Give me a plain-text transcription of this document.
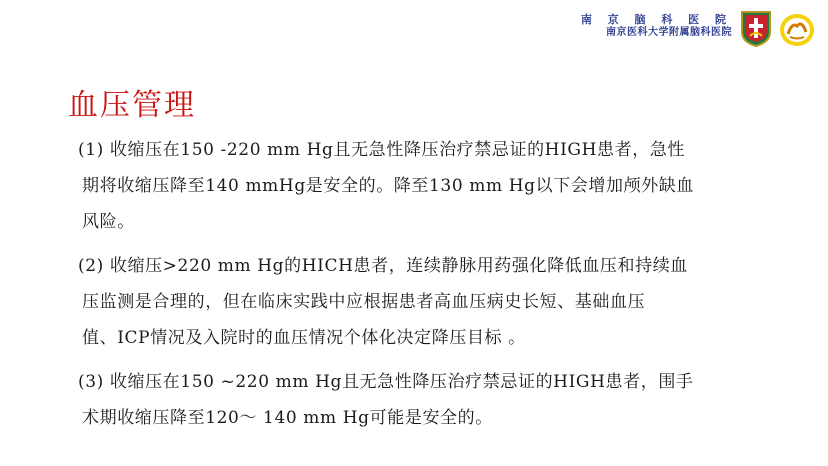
南 京 脑 科 医 院
南京医科大学附属脑科医院
血压管理
(1) 收缩压在150 -220 mm Hg且无急性降压治疗禁忌证的HIGH患者，急性
期将收缩压降至140 mmHg是安全的。降至130 mm Hg以下会增加颅外缺血
风险。
(2) 收缩压>220 mm Hg的HICH患者，连续静脉用药强化降低血压和持续血
压监测是合理的，但在临床实践中应根据患者高血压病史长短、基础血压
值、ICP情况及入院时的血压情况个体化决定降压目标 。
(3) 收缩压在150 ~220 mm Hg且无急性降压治疗禁忌证的HIGH患者，围手
术期收缩压降至120～ 140 mm Hg可能是安全的。
